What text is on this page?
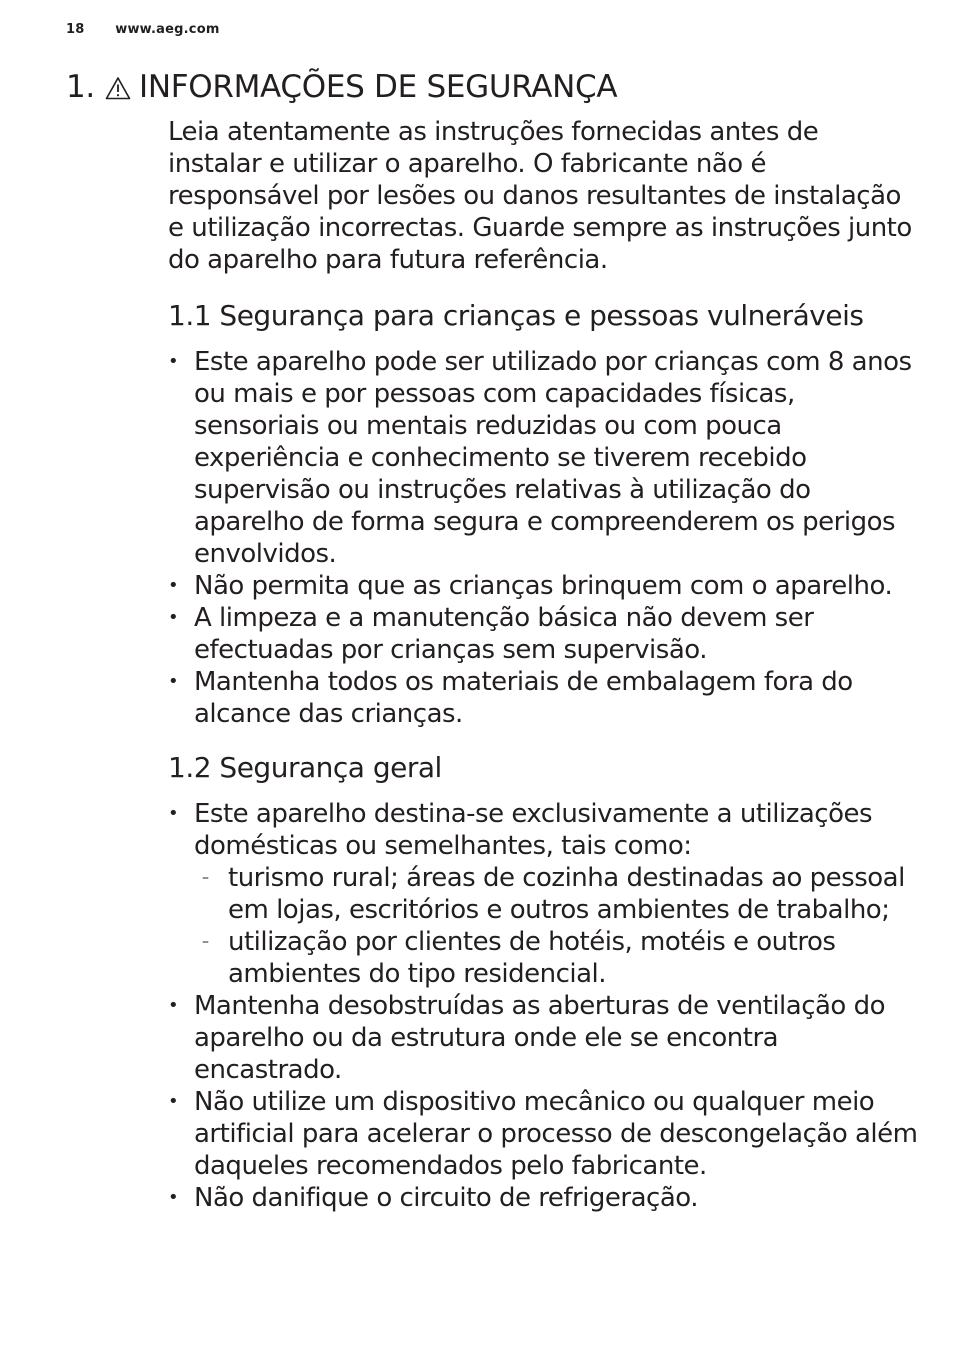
18 www.aeg.com
1. INFORMAÇÕES DE SEGURANÇA

Leia atentamente as instruções fornecidas antes de instalar e utilizar o aparelho. O fabricante não é responsável por lesões ou danos resultantes de instalação e utilização incorrectas. Guarde sempre as instruções junto do aparelho para futura referência.

1.1 Segurança para crianças e pessoas vulneráveis
• Este aparelho pode ser utilizado por crianças com 8 anos ou mais e por pessoas com capacidades físicas, sensoriais ou mentais reduzidas ou com pouca experiência e conhecimento se tiverem recebido supervisão ou instruções relativas à utilização do aparelho de forma segura e compreenderem os perigos envolvidos.
• Não permita que as crianças brinquem com o aparelho.
• A limpeza e a manutenção básica não devem ser efectuadas por crianças sem supervisão.
• Mantenha todos os materiais de embalagem fora do alcance das crianças.
1.2 Segurança geral
• Este aparelho destina-se exclusivamente a utilizações domésticas ou semelhantes, tais como:
– turismo rural; áreas de cozinha destinadas ao pessoal em lojas, escritórios e outros ambientes de trabalho;
– utilização por clientes de hotéis, motéis e outros ambientes do tipo residencial.
• Mantenha desobstruídas as aberturas de ventilação do aparelho ou da estrutura onde ele se encontra encastrado.
• Não utilize um dispositivo mecânico ou qualquer meio artificial para acelerar o processo de descongelação além daqueles recomendados pelo fabricante.
• Não danifique o circuito de refrigeração.
